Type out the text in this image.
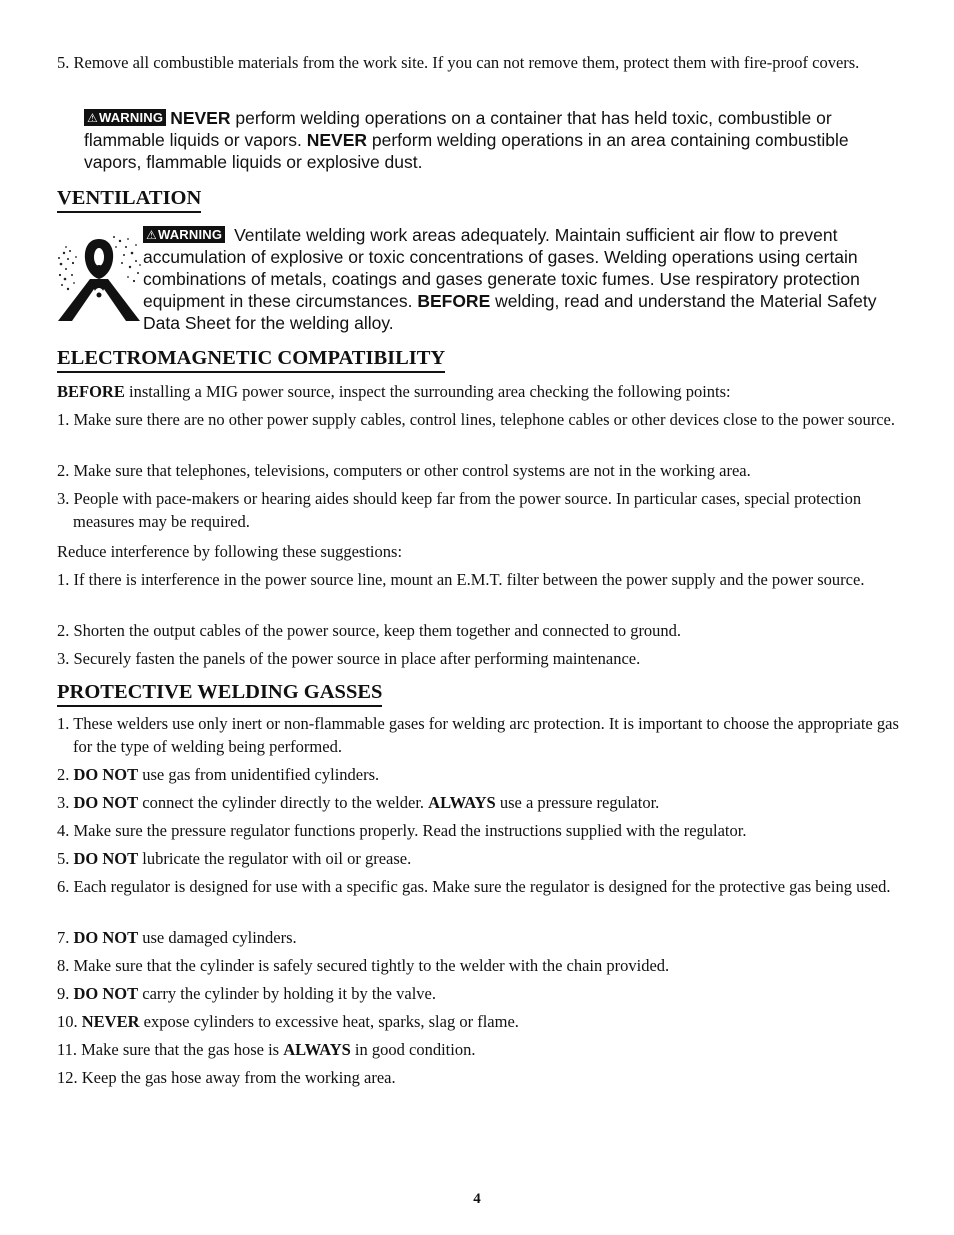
5. Remove all combustible materials from the work site. If you can not remove them, protect them with fire-proof covers.
⚠WARNING NEVER perform welding operations on a container that has held toxic, combustible or flammable liquids or vapors. NEVER perform welding operations in an area containing combustible vapors, flammable liquids or explosive dust.
VENTILATION
⚠WARNING Ventilate welding work areas adequately. Maintain sufficient air flow to prevent accumulation of explosive or toxic concentrations of gases. Welding operations using certain combinations of metals, coatings and gases generate toxic fumes. Use respiratory protection equipment in these circumstances. BEFORE welding, read and understand the Material Safety Data Sheet for the welding alloy.
ELECTROMAGNETIC COMPATIBILITY
BEFORE installing a MIG power source, inspect the surrounding area checking the following points:
1. Make sure there are no other power supply cables, control lines, telephone cables or other devices close to the power source.
2. Make sure that telephones, televisions, computers or other control systems are not in the working area.
3. People with pace-makers or hearing aides should keep far from the power source. In particular cases, special protection measures may be required.
Reduce interference by following these suggestions:
1. If there is interference in the power source line, mount an E.M.T. filter between the power supply and the power source.
2. Shorten the output cables of the power source, keep them together and connected to ground.
3. Securely fasten the panels of the power source in place after performing maintenance.
PROTECTIVE WELDING GASSES
1. These welders use only inert or non-flammable gases for welding arc protection. It is important to choose the appropriate gas for the type of welding being performed.
2. DO NOT use gas from unidentified cylinders.
3. DO NOT connect the cylinder directly to the welder. ALWAYS use a pressure regulator.
4. Make sure the pressure regulator functions properly. Read the instructions supplied with the regulator.
5. DO NOT lubricate the regulator with oil or grease.
6. Each regulator is designed for use with a specific gas. Make sure the regulator is designed for the protective gas being used.
7. DO NOT use damaged cylinders.
8. Make sure that the cylinder is safely secured tightly to the welder with the chain provided.
9. DO NOT carry the cylinder by holding it by the valve.
10. NEVER expose cylinders to excessive heat, sparks, slag or flame.
11. Make sure that the gas hose is ALWAYS in good condition.
12. Keep the gas hose away from the working area.
4
